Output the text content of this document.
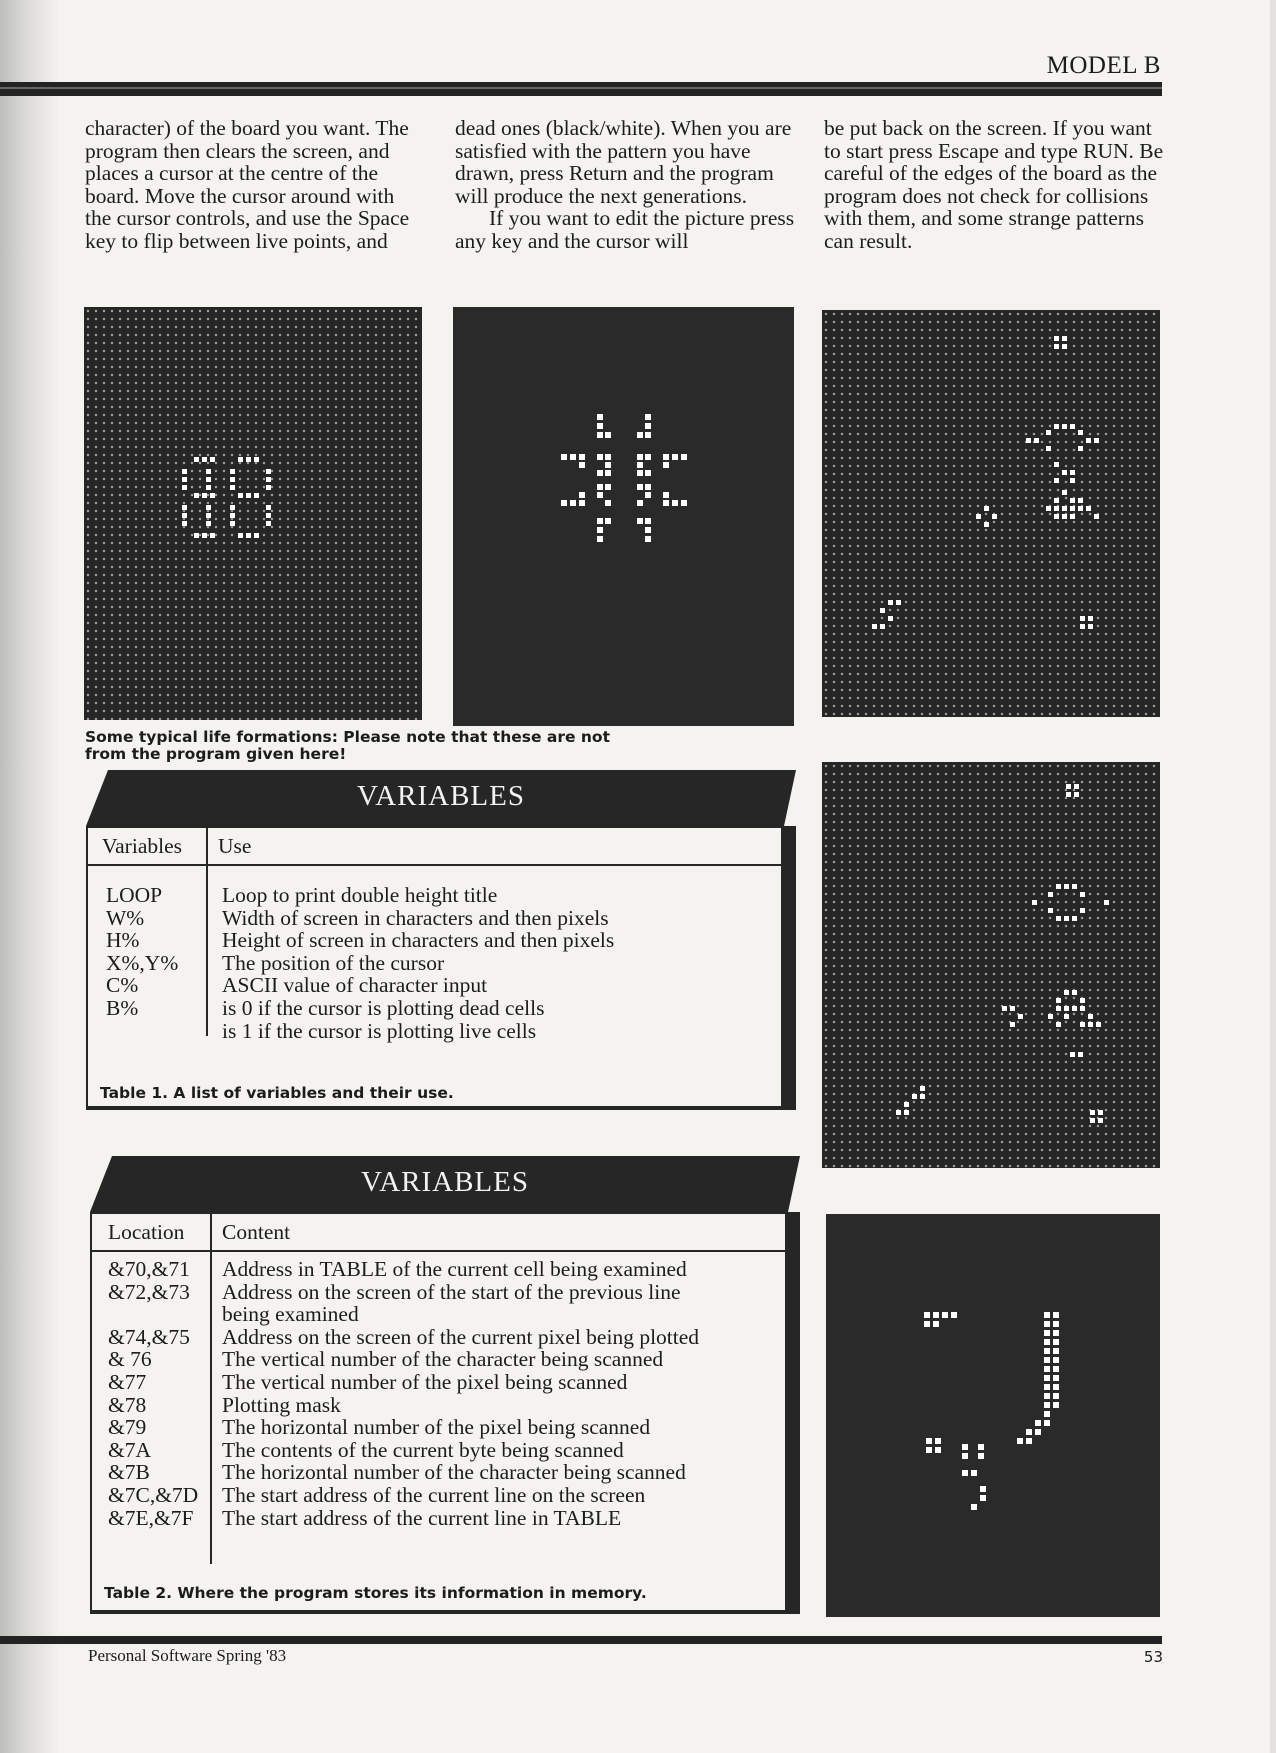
MODEL B

character) of the board you want. The program then clears the screen, and places a cursor at the centre of the board. Move the cursor around with the cursor controls, and use the Space key to flip between live points, and

dead ones (black/white). When you are satisfied with the pattern you have drawn, press Return and the program will produce the next generations.

If you want to edit the picture press any key and the cursor will

be put back on the screen. If you want to start press Escape and type RUN. Be careful of the edges of the board as the program does not check for collisions with them, and some strange patterns can result.

Some typical life formations: Please note that these are not from the program given here!
VARIABLES
Variables Use
LOOP	Loop to print double height title
W%	Width of screen in characters and then pixels
H%	Height of screen in characters and then pixels
X%,Y%	The position of the cursor
C%	ASCII value of character input
B%	is 0 if the cursor is plotting dead cells
is 1 if the cursor is plotting live cells
Table 1. A list of variables and their use.
VARIABLES
Location Content
&70,&71	Address in TABLE of the current cell being examined
&72,&73	Address on the screen of the start of the previous line being examined
&74,&75	Address on the screen of the current pixel being plotted
& 76	The vertical number of the character being scanned
&77	The vertical number of the pixel being scanned
&78	Plotting mask
&79	The horizontal number of the pixel being scanned
&7A	The contents of the current byte being scanned
&7B	The horizontal number of the character being scanned
&7C,&7D	The start address of the current line on the screen
&7E,&7F	The start address of the current line in TABLE
Table 2. Where the program stores its information in memory.
Personal Software Spring '83	53
